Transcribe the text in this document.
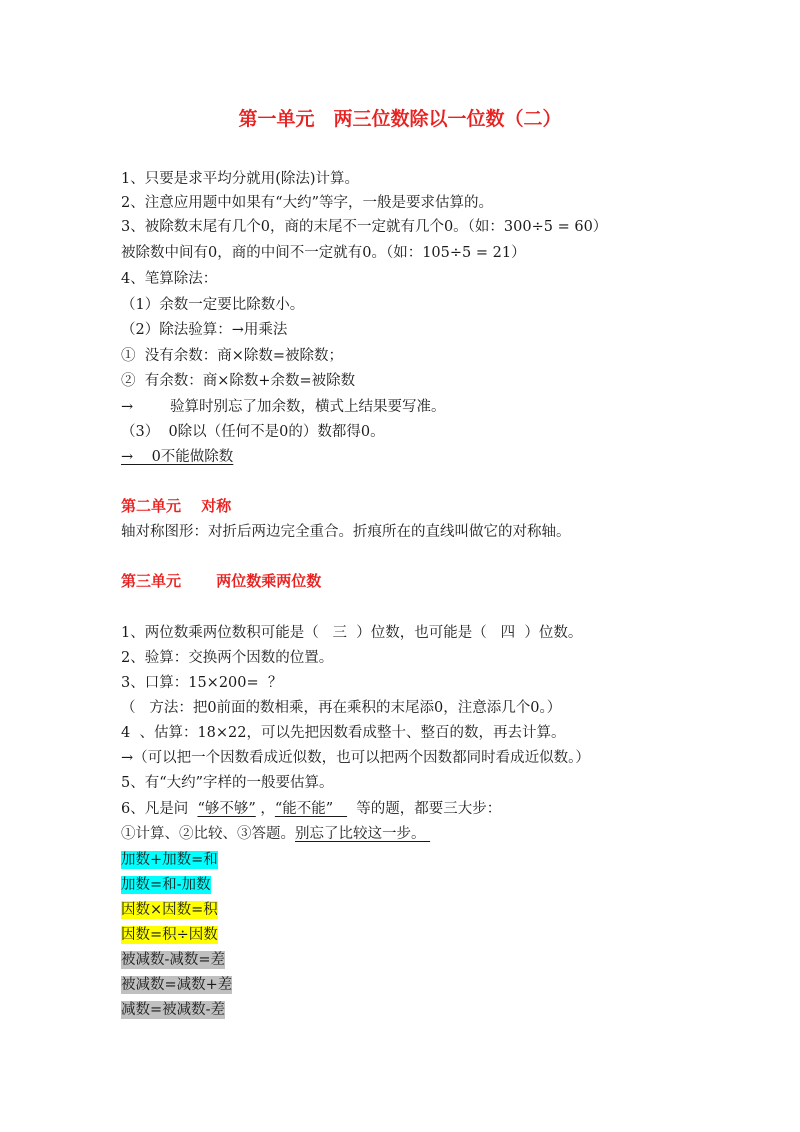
第一单元　两三位数除以一位数（二）
1、只要是求平均分就用(除法)计算。
2、注意应用题中如果有“大约”等字，一般是要求估算的。
3、被除数末尾有几个0，商的末尾不一定就有几个0。（如：300÷5 = 60）
被除数中间有0，商的中间不一定就有0。（如：105÷5 = 21）
4、笔算除法：
（1）余数一定要比除数小。
（2）除法验算：→用乘法
①  没有余数：商×除数=被除数；
②  有余数：商×除数+余数=被除数
→        验算时别忘了加余数，横式上结果要写准。
（3）  0除以（任何不是0的）数都得0。
→    0不能做除数
第二单元　 对称
轴对称图形：对折后两边完全重合。折痕所在的直线叫做它的对称轴。
第三单元　　 两位数乘两位数
1、两位数乘两位数积可能是（   三  ）位数，也可能是（   四  ）位数。
2、验算：交换两个因数的位置。
3、口算：15×200=  ？
（   方法：把0前面的数相乘，再在乘积的末尾添0，注意添几个0。）
4  、估算：18×22，可以先把因数看成整十、整百的数，再去计算。
→（可以把一个因数看成近似数，也可以把两个因数都同时看成近似数。）
5、有“大约”字样的一般要估算。
6、凡是问  “够不够” ，“能不能”     等的题，都要三大步：
①计算、②比较、③答题。别忘了比较这一步。
加数+加数=和
加数=和-加数
因数×因数=积
因数=积÷因数
被减数-减数=差
被减数=减数+差
减数=被减数-差
